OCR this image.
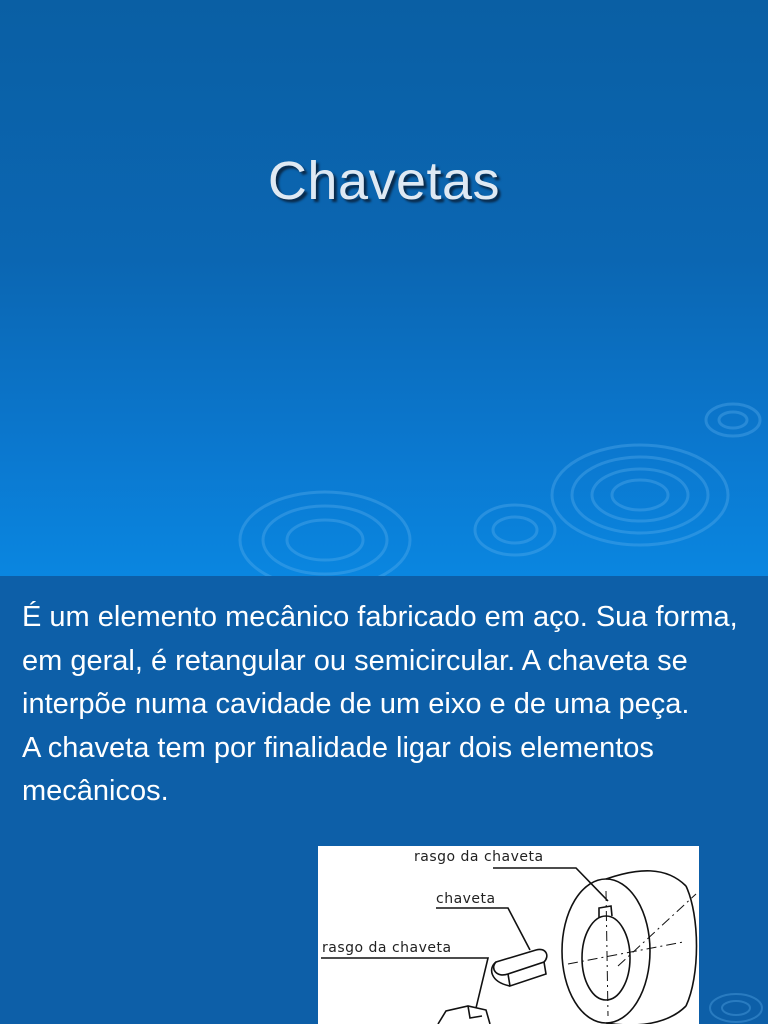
Chavetas

É um elemento mecânico fabricado em aço. Sua forma, em geral, é retangular ou semicircular. A chaveta se interpõe numa cavidade de um eixo e de uma peça.

A chaveta tem por finalidade ligar dois elementos mecânicos.

rasgo da chaveta
chaveta
rasgo da chaveta
